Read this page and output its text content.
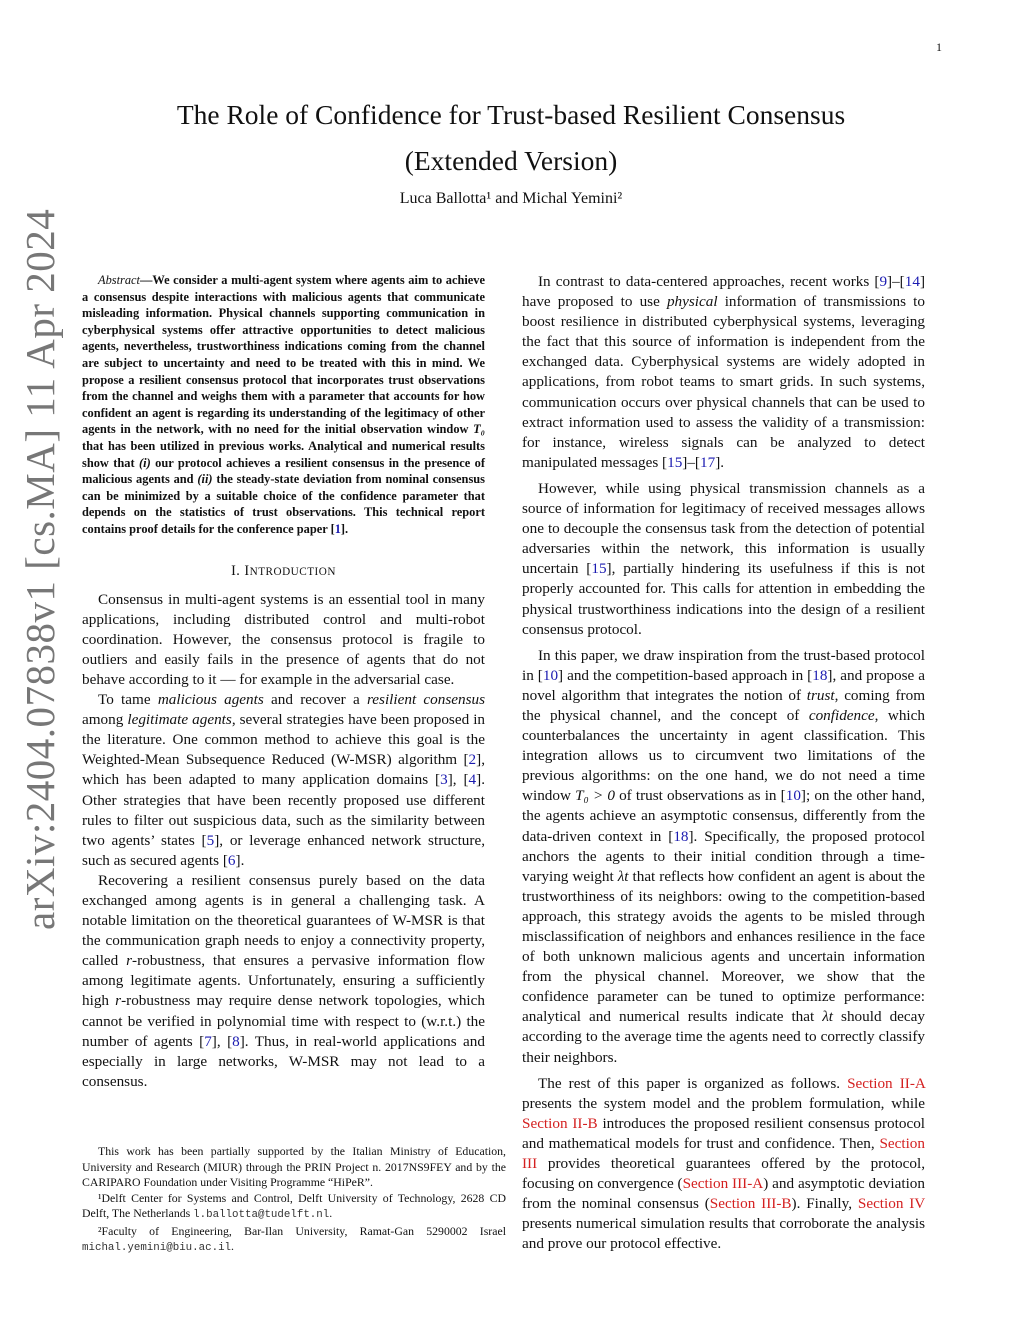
1
arXiv:2404.07838v1 [cs.MA] 11 Apr 2024
The Role of Confidence for Trust-based Resilient Consensus
(Extended Version)
Luca Ballotta¹ and Michal Yemini²

Abstract—We consider a multi-agent system where agents aim to achieve a consensus despite interactions with malicious agents that communicate misleading information. Physical channels supporting communication in cyberphysical systems offer attractive opportunities to detect malicious agents, nevertheless, trustworthiness indications coming from the channel are subject to uncertainty and need to be treated with this in mind. We propose a resilient consensus protocol that incorporates trust observations from the channel and weighs them with a parameter that accounts for how confident an agent is regarding its understanding of the legitimacy of other agents in the network, with no need for the initial observation window T₀ that has been utilized in previous works. Analytical and numerical results show that (i) our protocol achieves a resilient consensus in the presence of malicious agents and (ii) the steady-state deviation from nominal consensus can be minimized by a suitable choice of the confidence parameter that depends on the statistics of trust observations. This technical report contains proof details for the conference paper [1].

I. INTRODUCTION

Consensus in multi-agent systems is an essential tool in many applications, including distributed control and multi-robot coordination. However, the consensus protocol is fragile to outliers and easily fails in the presence of agents that do not behave according to it — for example in the adversarial case.

To tame malicious agents and recover a resilient consensus among legitimate agents, several strategies have been proposed in the literature. One common method to achieve this goal is the Weighted-Mean Subsequence Reduced (W-MSR) algorithm [2], which has been adapted to many application domains [3], [4]. Other strategies that have been recently proposed use different rules to filter out suspicious data, such as the similarity between two agents’ states [5], or leverage enhanced network structure, such as secured agents [6].

Recovering a resilient consensus purely based on the data exchanged among agents is in general a challenging task. A notable limitation on the theoretical guarantees of W-MSR is that the communication graph needs to enjoy a connectivity property, called r-robustness, that ensures a pervasive information flow among legitimate agents. Unfortunately, ensuring a sufficiently high r-robustness may require dense network topologies, which cannot be verified in polynomial time with respect to (w.r.t.) the number of agents [7], [8]. Thus, in real-world applications and especially in large networks, W-MSR may not lead to a consensus.

This work has been partially supported by the Italian Ministry of Education, University and Research (MIUR) through the PRIN Project n. 2017NS9FEY and by the CARIPARO Foundation under Visiting Programme “HiPeR”.

¹Delft Center for Systems and Control, Delft University of Technology, 2628 CD Delft, The Netherlands l.ballotta@tudelft.nl.

²Faculty of Engineering, Bar-Ilan University, Ramat-Gan 5290002 Israel michal.yemini@biu.ac.il.

In contrast to data-centered approaches, recent works [9]–[14] have proposed to use physical information of transmissions to boost resilience in distributed cyberphysical systems, leveraging the fact that this source of information is independent from the exchanged data. Cyberphysical systems are widely adopted in applications, from robot teams to smart grids. In such systems, communication occurs over physical channels that can be used to extract information used to assess the validity of a transmission: for instance, wireless signals can be analyzed to detect manipulated messages [15]–[17].

However, while using physical transmission channels as a source of information for legitimacy of received messages allows one to decouple the consensus task from the detection of potential adversaries within the network, this information is usually uncertain [15], partially hindering its usefulness if this is not properly accounted for. This calls for attention in embedding the physical trustworthiness indications into the design of a resilient consensus protocol.

In this paper, we draw inspiration from the trust-based protocol in [10] and the competition-based approach in [18], and propose a novel algorithm that integrates the notion of trust, coming from the physical channel, and the concept of confidence, which counterbalances the uncertainty in agent classification. This integration allows us to circumvent two limitations of the previous algorithms: on the one hand, we do not need a time window T₀ > 0 of trust observations as in [10]; on the other hand, the agents achieve an asymptotic consensus, differently from the data-driven context in [18]. Specifically, the proposed protocol anchors the agents to their initial condition through a time-varying weight λt that reflects how confident an agent is about the trustworthiness of its neighbors: owing to the competition-based approach, this strategy avoids the agents to be misled through misclassification of neighbors and enhances resilience in the face of both unknown malicious agents and uncertain information from the physical channel. Moreover, we show that the confidence parameter can be tuned to optimize performance: analytical and numerical results indicate that λt should decay according to the average time the agents need to correctly classify their neighbors.

The rest of this paper is organized as follows. Section II-A presents the system model and the problem formulation, while Section II-B introduces the proposed resilient consensus protocol and mathematical models for trust and confidence. Then, Section III provides theoretical guarantees offered by the protocol, focusing on convergence (Section III-A) and asymptotic deviation from the nominal consensus (Section III-B). Finally, Section IV presents numerical simulation results that corroborate the analysis and prove our protocol effective.
